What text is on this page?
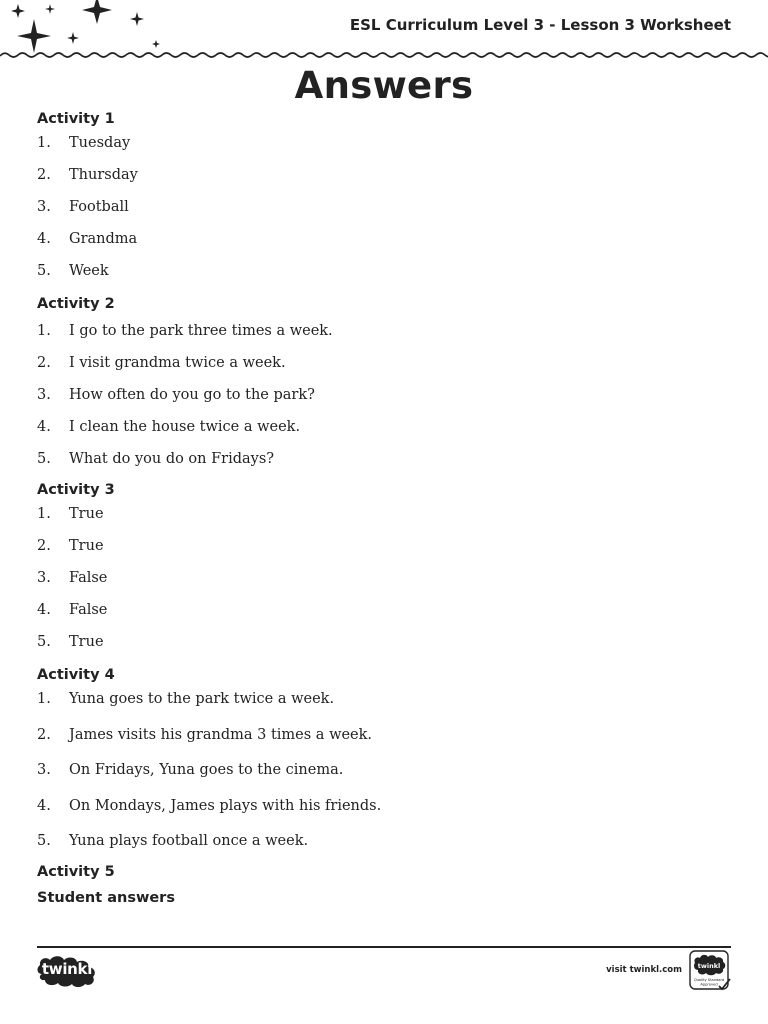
ESL Curriculum Level 3 - Lesson 3 Worksheet
Answers
Activity 1
1.	Tuesday
2.	Thursday
3.	Football
4.	Grandma
5.	Week
Activity 2
1.	I go to the park three times a week.
2.	I visit grandma twice a week.
3.	How often do you go to the park?
4.	I clean the house twice a week.
5.	What do you do on Fridays?
Activity 3
1.	True
2.	True
3.	False
4.	False
5.	True
Activity 4
1.	Yuna goes to the park twice a week.
2.	James visits his grandma 3 times a week.
3.	On Fridays, Yuna goes to the cinema.
4.	On Mondays, James plays with his friends.
5.	Yuna plays football once a week.
Activity 5
Student answers
twinkl	visit twinkl.com twinkl
Quality Standard
Approved
